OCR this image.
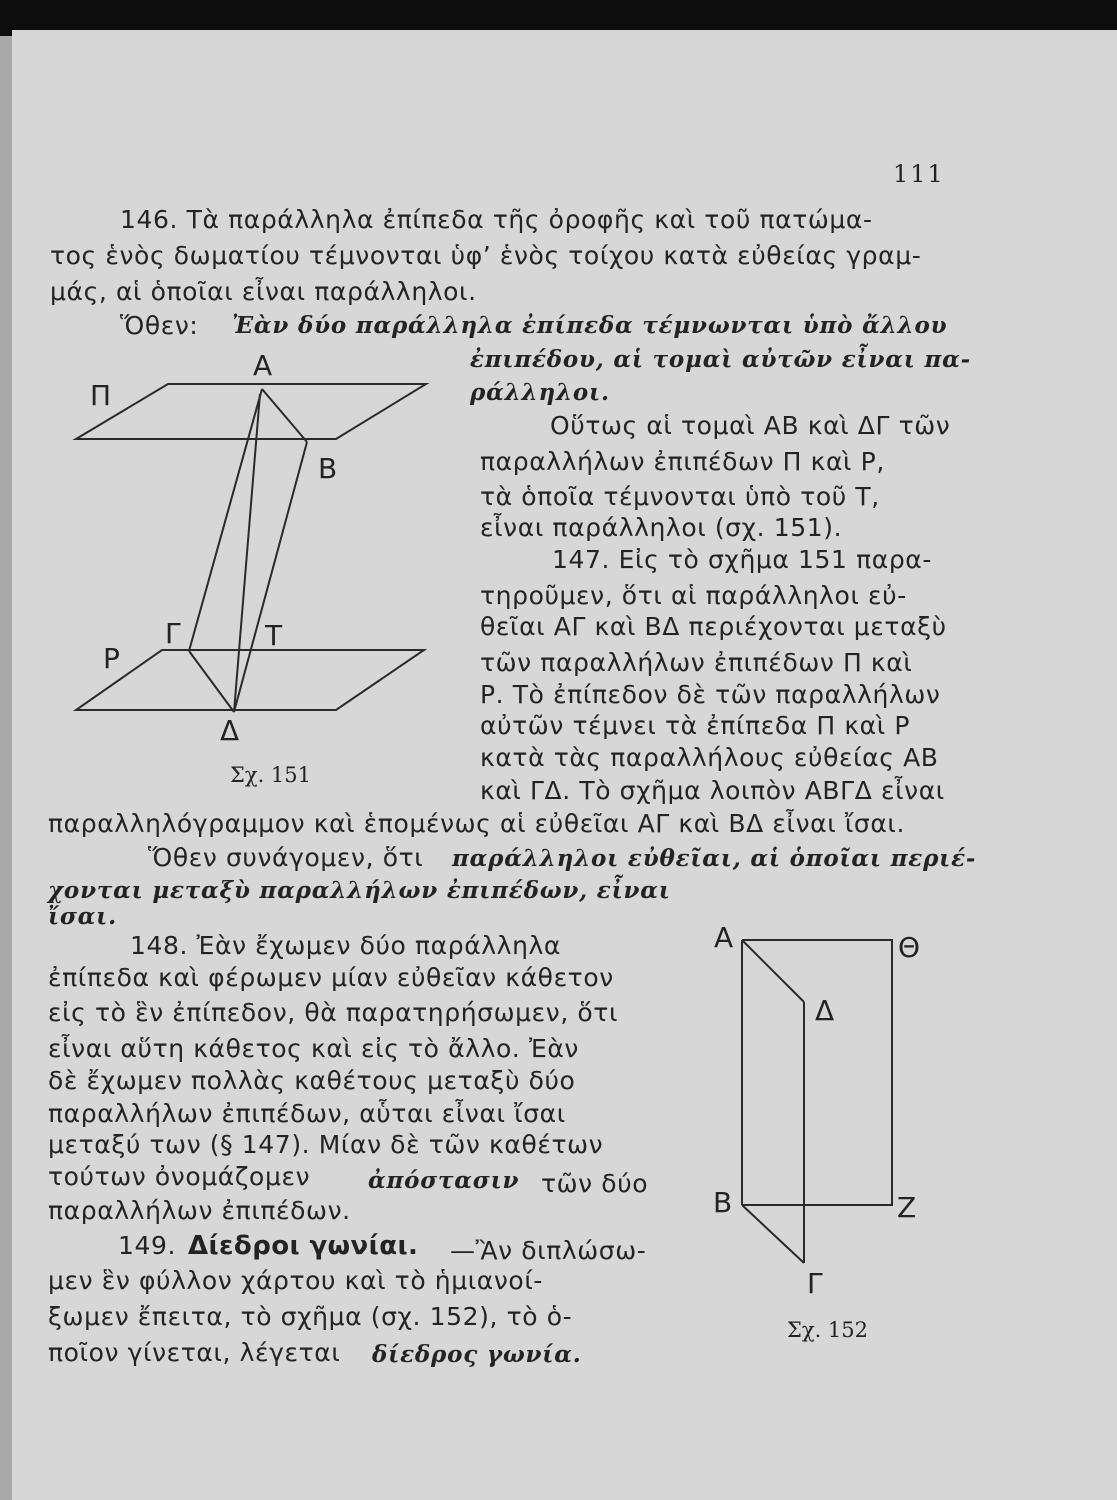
111
146. Τὰ παράλληλα ἐπίπεδα τῆς ὀροφῆς καὶ τοῦ πατώμα-
τος ἑνὸς δωματίου τέμνονται ὑφ’ ἑνὸς τοίχου κατὰ εὐθείας γραμ-
μάς, αἱ ὁποῖαι εἶναι παράλληλοι.
Ὅθεν: Ἐὰν δύο παράλληλα ἐπίπεδα τέμνωνται ὑπὸ ἄλλου
ἐπιπέδου, αἱ τομαὶ αὐτῶν εἶναι πα-
ράλληλοι.
Οὕτως αἱ τομαὶ ΑΒ καὶ ΔΓ τῶν
παραλλήλων ἐπιπέδων Π καὶ Ρ,
τὰ ὁποῖα τέμνονται ὑπὸ τοῦ Τ,
εἶναι παράλληλοι (σχ. 151).
Α
Π
Β
Γ	Τ
Ρ
Δ
Σχ. 151
147. Εἰς τὸ σχῆμα 151 παρα-
τηροῦμεν, ὅτι αἱ παράλληλοι εὐ-
θεῖαι ΑΓ καὶ ΒΔ περιέχονται μεταξὺ
τῶν παραλλήλων ἐπιπέδων Π καὶ
Ρ. Τὸ ἐπίπεδον δὲ τῶν παραλλήλων
αὐτῶν τέμνει τὰ ἐπίπεδα Π καὶ Ρ
κατὰ τὰς παραλλήλους εὐθείας ΑΒ
καὶ ΓΔ. Τὸ σχῆμα λοιπὸν ΑΒΓΔ εἶναι
παραλληλόγραμμον καὶ ἑπομένως αἱ εὐθεῖαι ΑΓ καὶ ΒΔ εἶναι ἴσαι.
Ὅθεν συνάγομεν, ὅτι παράλληλοι εὐθεῖαι, αἱ ὁποῖαι περιέ-
χονται μεταξὺ παραλλήλων ἐπιπέδων, εἶναι
ἴσαι.
148. Ἐὰν ἔχωμεν δύο παράλληλα
ἐπίπεδα καὶ φέρωμεν μίαν εὐθεῖαν κάθετον
εἰς τὸ ἓν ἐπίπεδον, θὰ παρατηρήσωμεν, ὅτι
εἶναι αὕτη κάθετος καὶ εἰς τὸ ἄλλο. Ἐὰν
δὲ ἔχωμεν πολλὰς καθέτους μεταξὺ δύο
παραλλήλων ἐπιπέδων, αὗται εἶναι ἴσαι
μεταξύ των (§ 147). Μίαν δὲ τῶν καθέτων
τούτων ὀνομάζομεν	ἀπόστασιν τῶν δύο
παραλλήλων ἐπιπέδων.
149. Δίεδροι γωνίαι. —Ἂν διπλώσω-
μεν ἓν φύλλον χάρτου καὶ τὸ ἡμιανοί-
ξωμεν ἔπειτα, τὸ σχῆμα (σχ. 152), τὸ ὁ-
ποῖον γίνεται, λέγεται δίεδρος γωνία.
Α	Θ
Δ
Β	Ζ
Γ
Σχ. 152
